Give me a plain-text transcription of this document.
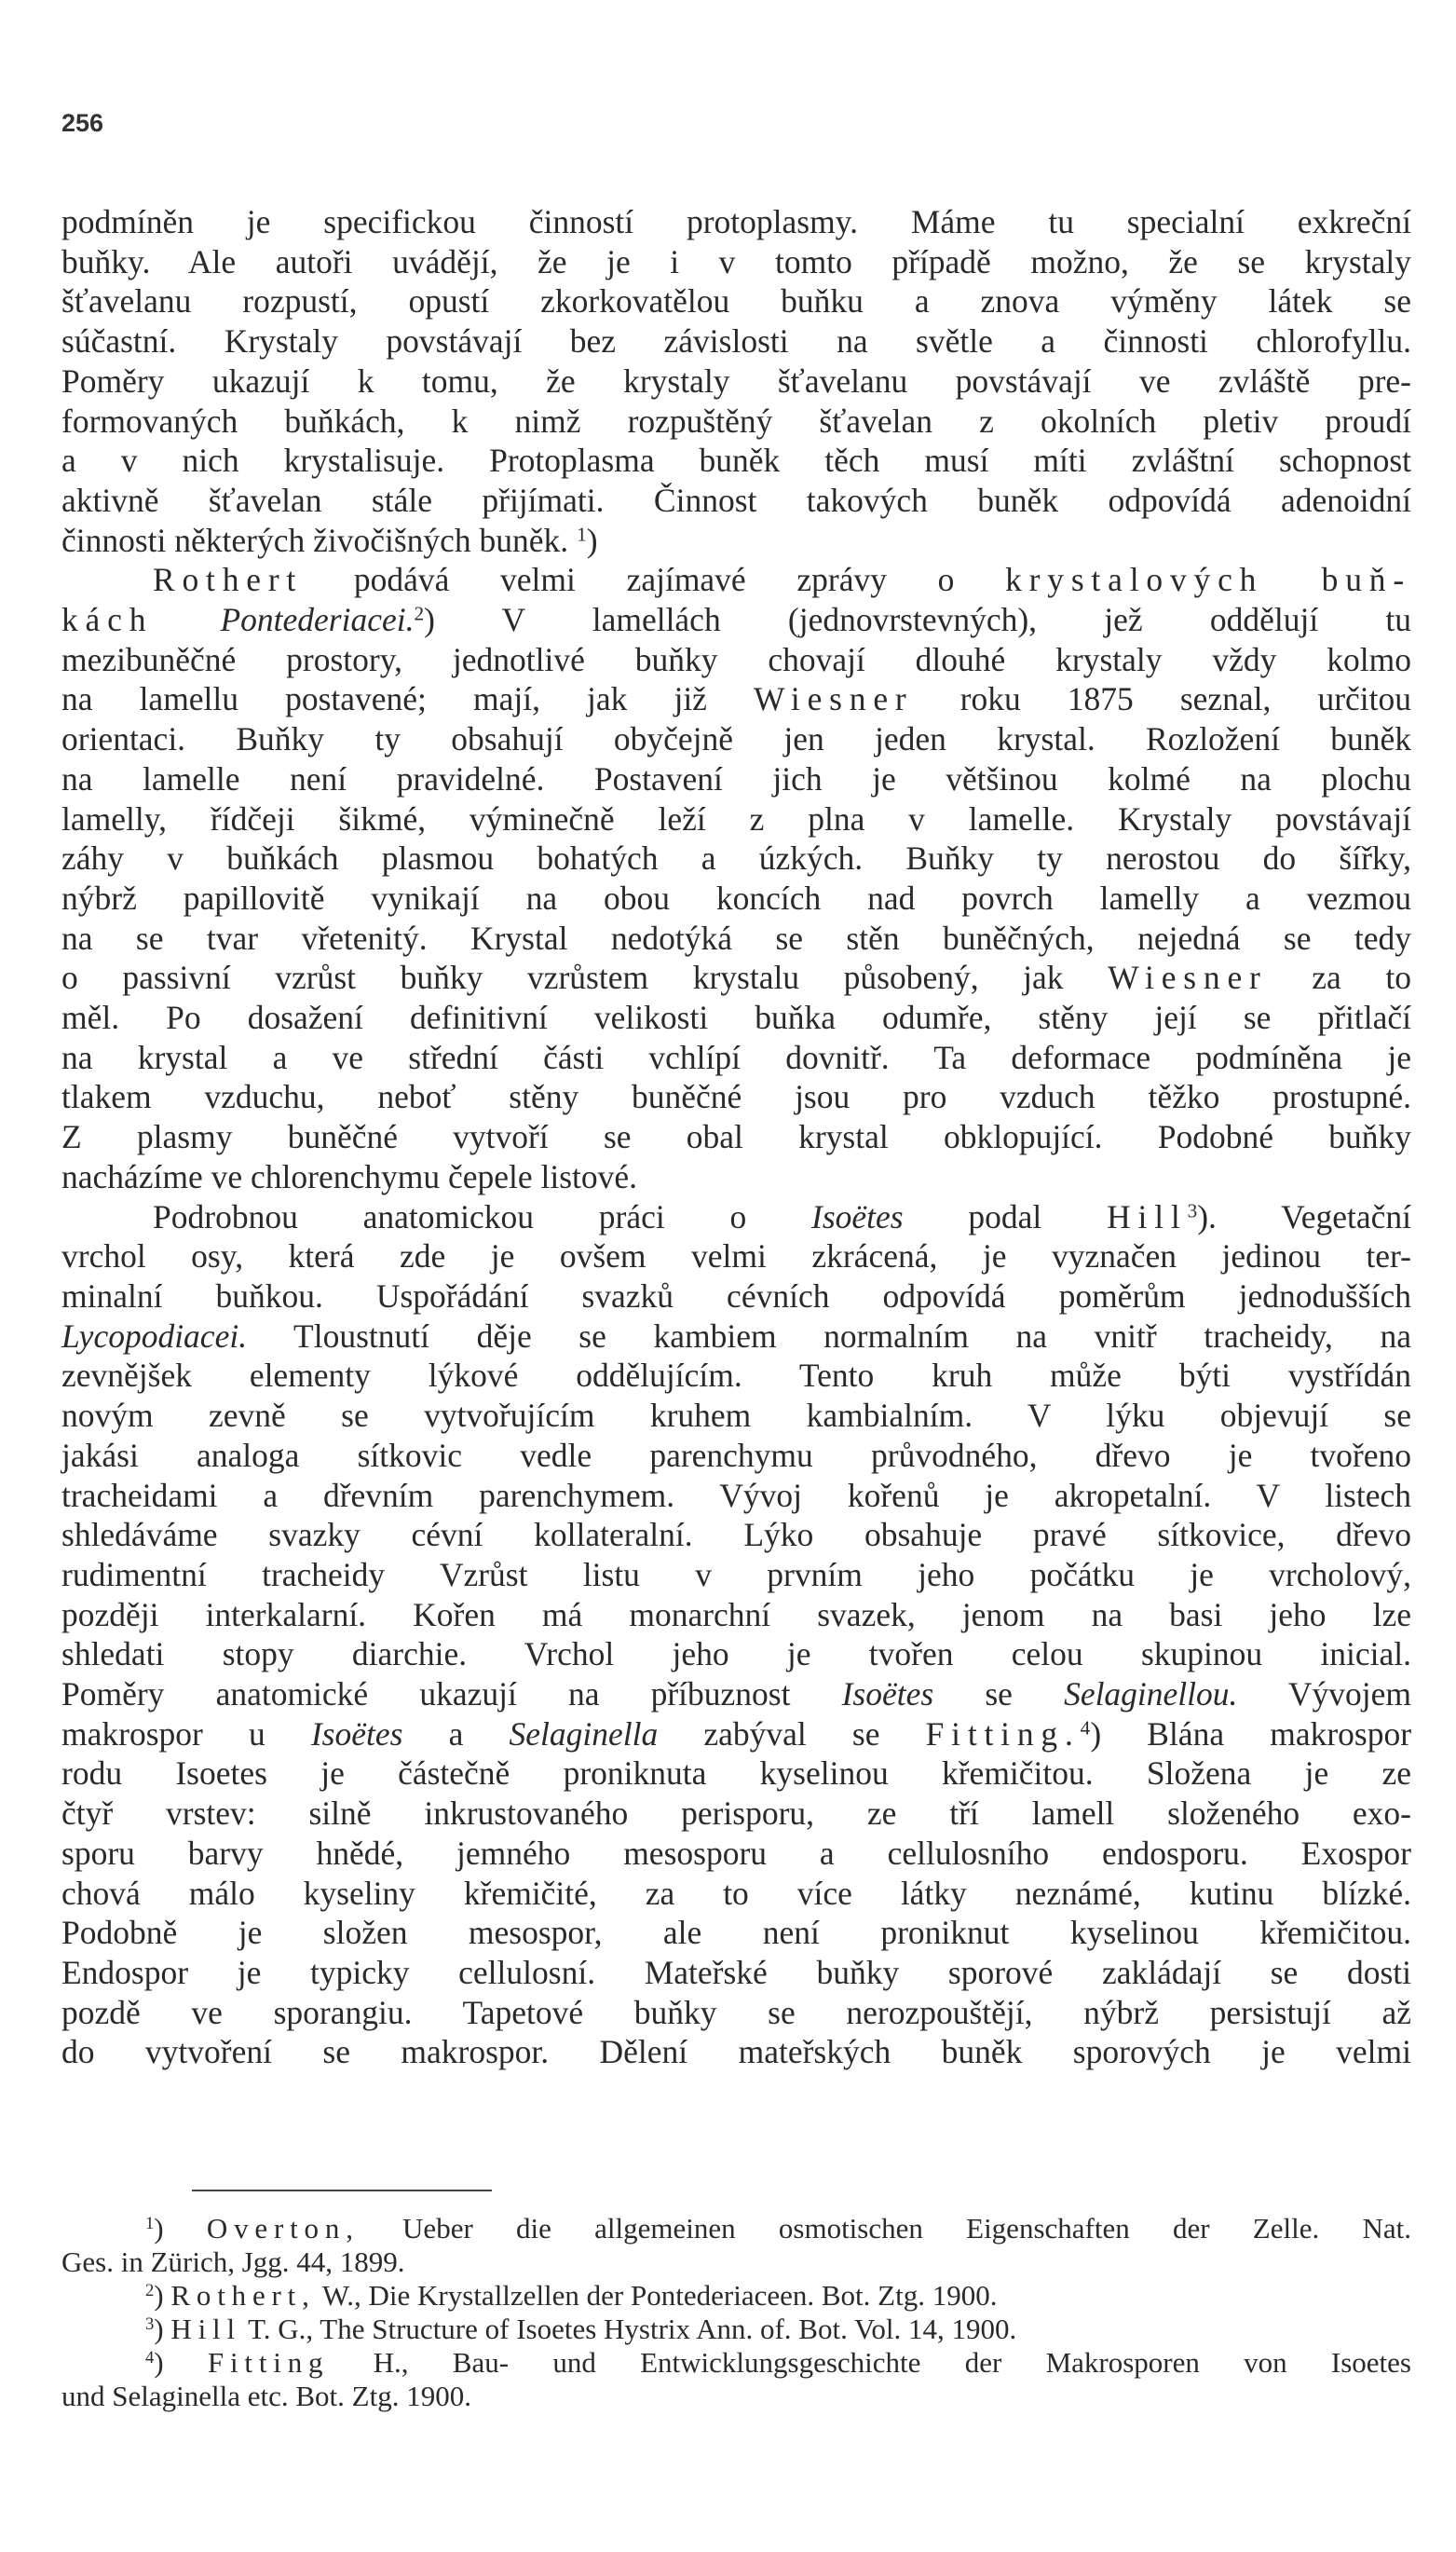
256
podmíněn je specifickou činností protoplasmy. Máme tu specialní exkreční
buňky. Ale autoři uvádějí, že je i v tomto případě možno, že se krystaly
šťavelanu rozpustí, opustí zkorkovatělou buňku a znova výměny látek se
súčastní. Krystaly povstávají bez závislosti na světle a činnosti chlorofyllu.
Poměry ukazují k tomu, že krystaly šťavelanu povstávají ve zvláště pre-
formovaných buňkách, k nimž rozpuštěný šťavelan z okolních pletiv proudí
a v nich krystalisuje. Protoplasma buněk těch musí míti zvláštní schopnost
aktivně šťavelan stále přijímati. Činnost takových buněk odpovídá adenoidní
činnosti některých živočišných buněk. $^1$)
Rothert podává velmi zajímavé zprávy o krystalových buň-
kách Pontederiacei.$^2$) V lamellách (jednovrstevných), jež oddělují tu
mezibuněčné prostory, jednotlivé buňky chovají dlouhé krystaly vždy kolmo
na lamellu postavené; mají, jak již Wiesner roku 1875 seznal, určitou
orientaci. Buňky ty obsahují obyčejně jen jeden krystal. Rozložení buněk
na lamelle není pravidelné. Postavení jich je většinou kolmé na plochu
lamelly, řídčeji šikmé, výminečně leží z plna v lamelle. Krystaly povstávají
záhy v buňkách plasmou bohatých a úzkých. Buňky ty nerostou do šířky,
nýbrž papillovitě vynikají na obou koncích nad povrch lamelly a vezmou
na se tvar vřetenitý. Krystal nedotýká se stěn buněčných, nejedná se tedy
o passivní vzrůst buňky vzrůstem krystalu působený, jak Wiesner za to
měl. Po dosažení definitivní velikosti buňka odumře, stěny její se přitlačí
na krystal a ve střední části vchlípí dovnitř. Ta deformace podmíněna je
tlakem vzduchu, neboť stěny buněčné jsou pro vzduch těžko prostupné.
Z plasmy buněčné vytvoří se obal krystal obklopující. Podobné buňky
nacházíme ve chlorenchymu čepele listové.
Podrobnou anatomickou práci o Isoëtes podal Hill$^3$). Vegetační
vrchol osy, která zde je ovšem velmi zkrácená, je vyznačen jedinou ter-
minalní buňkou. Uspořádání svazků cévních odpovídá poměrům jednodušších
Lycopodiacei. Tloustnutí děje se kambiem normalním na vnitř tracheidy, na
zevnějšek elementy lýkové oddělujícím. Tento kruh může býti vystřídán
novým zevně se vytvořujícím kruhem kambialním. V lýku objevují se
jakási analoga sítkovic vedle parenchymu průvodného, dřevo je tvořeno
tracheidami a dřevním parenchymem. Vývoj kořenů je akropetalní. V listech
shledáváme svazky cévní kollateralní. Lýko obsahuje pravé sítkovice, dřevo
rudimentní tracheidy Vzrůst listu v prvním jeho počátku je vrcholový,
později interkalarní. Kořen má monarchní svazek, jenom na basi jeho lze
shledati stopy diarchie. Vrchol jeho je tvořen celou skupinou inicial.
Poměry anatomické ukazují na příbuznost Isoëtes se Selaginellou. Vývojem
makrospor u Isoëtes a Selaginella zabýval se Fitting.$^4$) Blána makrospor
rodu Isoetes je částečně proniknuta kyselinou křemičitou. Složena je ze
čtyř vrstev: silně inkrustovaného perisporu, ze tří lamell složeného exo-
sporu barvy hnědé, jemného mesosporu a cellulosního endosporu. Exospor
chová málo kyseliny křemičité, za to více látky neznámé, kutinu blízké.
Podobně je složen mesospor, ale není proniknut kyselinou křemičitou.
Endospor je typicky cellulosní. Mateřské buňky sporové zakládají se dosti
pozdě ve sporangiu. Tapetové buňky se nerozpouštějí, nýbrž persistují až
do vytvoření se makrospor. Dělení mateřských buněk sporových je velmi
$^1$) Overton, Ueber die allgemeinen osmotischen Eigenschaften der Zelle. Nat.
Ges. in Zürich, Jgg. 44, 1899.
$^2$) Rothert, W., Die Krystallzellen der Pontederiaceen. Bot. Ztg. 1900.
$^3$) Hill T. G., The Structure of Isoetes Hystrix Ann. of. Bot. Vol. 14, 1900.
$^4$) Fitting H., Bau- und Entwicklungsgeschichte der Makrosporen von Isoetes
und Selaginella etc. Bot. Ztg. 1900.
